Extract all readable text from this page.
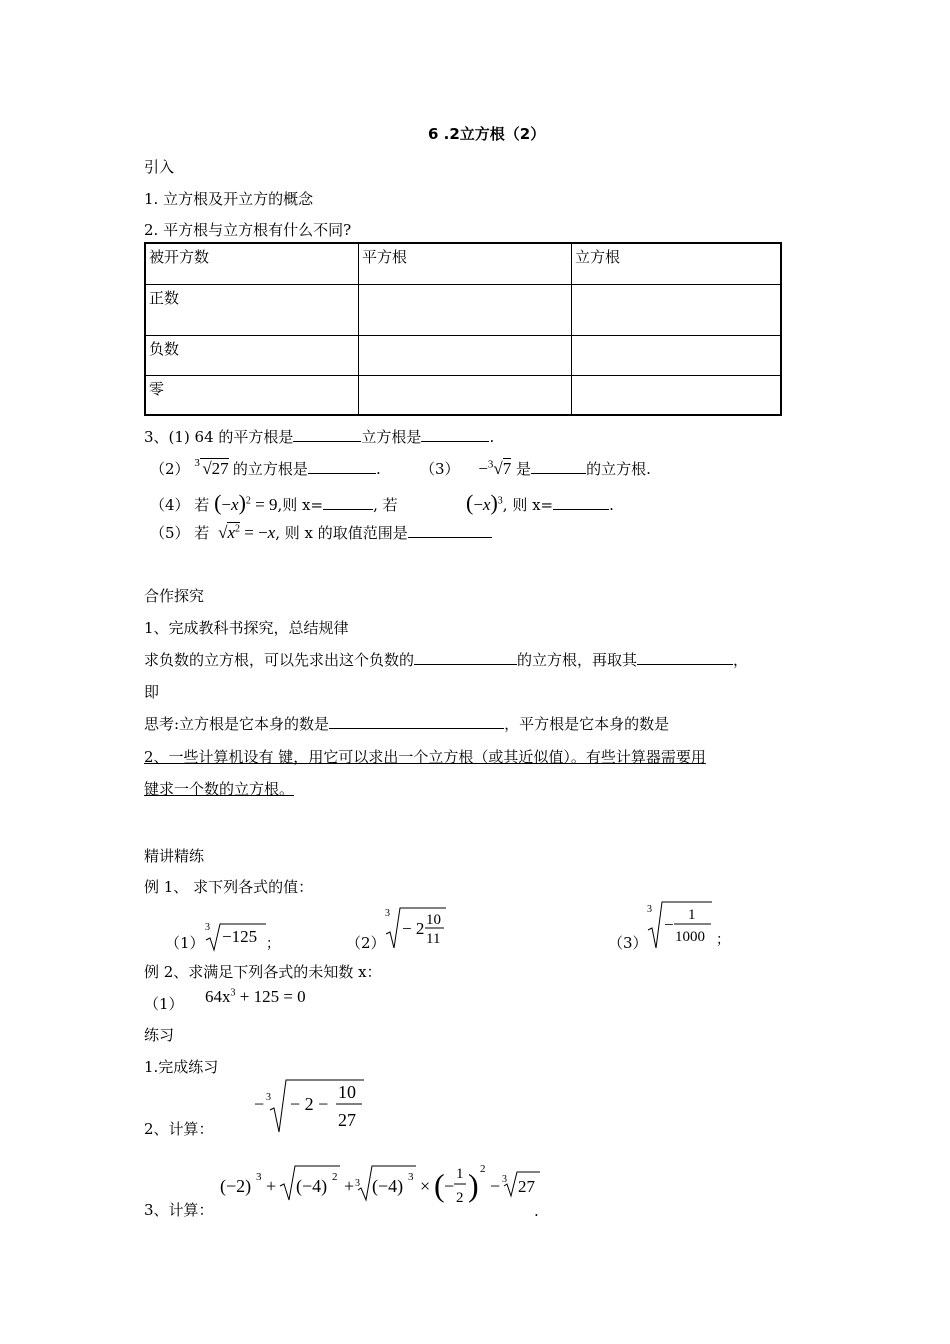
6 .2立方根（2）
引入
1. 立方根及开立方的概念
2. 平方根与立方根有什么不同?
被开方数	平方根	立方根
正数		
负数		
零		
3、(1) 64 的平方根是	立方根是	.
（2） 3 √27 的立方根是	.	（3） −$^3$√7 是	的立方根.
（4） 若 $(-x)^2 = 9$,则 x=	, 若	$(-x)^3$, 则 x=	.
（5） 若 $√x^2 = -x$, 则 x 的取值范围是
合作探究
1、完成教科书探究，总结规律
求负数的立方根，可以先求出这个负数的	的立方根，再取其	，
即
思考:立方根是它本身的数是	，平方根是它本身的数是
2、一些计算机设有 键，用它可以求出一个立方根（或其近似值）。有些计算器需要用
键求一个数的立方根。
精讲精练
例 1、 求下列各式的值：
（1）
3 −125 ；	（2）
3
− 2 10
11	（3）
3
− 1
1000 ；
例 2、求满足下列各式的未知数 x：
（1） $64x^3 + 125 = 0$
练习
1.完成练习
2、计算：
− 3 − 2 −
10
27
3、计算：
(−2) 3 + (−4) 2 + 3 (−4) 3 × ( −
1
2 ) 2
− 3 27
.
